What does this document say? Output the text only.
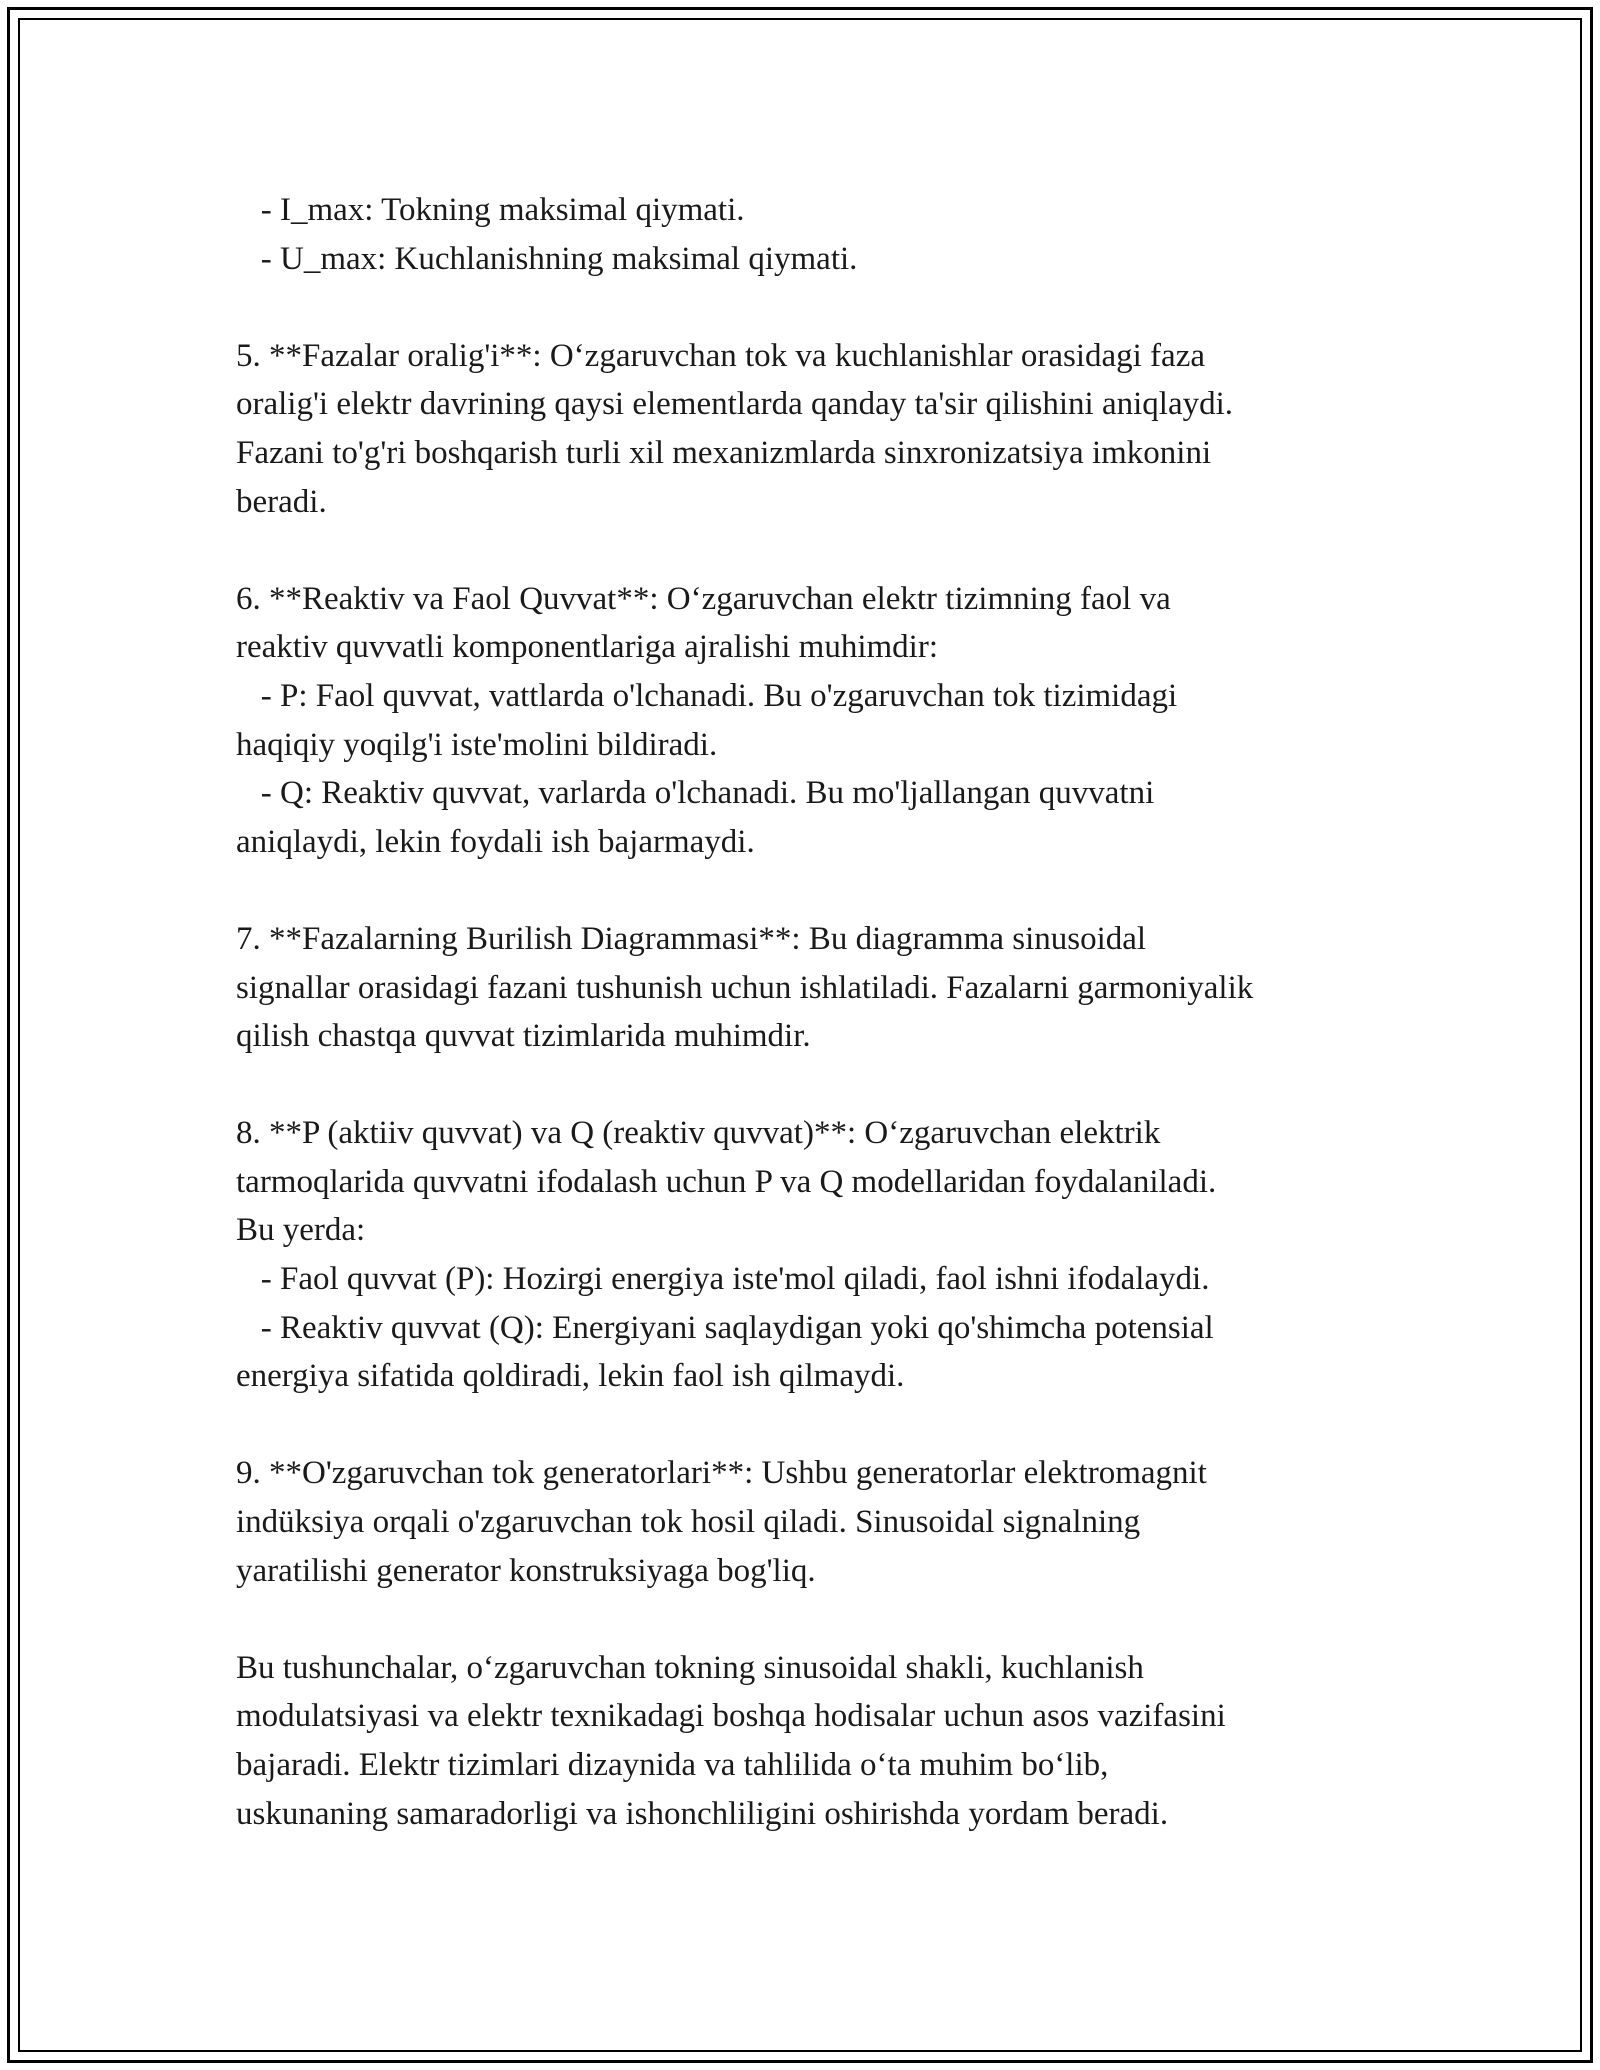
- I_max: Tokning maksimal qiymati.
- U_max: Kuchlanishning maksimal qiymati.
5. **Fazalar oralig'i**: O‘zgaruvchan tok va kuchlanishlar orasidagi faza
oralig'i elektr davrining qaysi elementlarda qanday ta'sir qilishini aniqlaydi.
Fazani to'g'ri boshqarish turli xil mexanizmlarda sinxronizatsiya imkonini
beradi.
6. **Reaktiv va Faol Quvvat**: O‘zgaruvchan elektr tizimning faol va
reaktiv quvvatli komponentlariga ajralishi muhimdir:
- P: Faol quvvat, vattlarda o'lchanadi. Bu o'zgaruvchan tok tizimidagi
haqiqiy yoqilg'i iste'molini bildiradi.
- Q: Reaktiv quvvat, varlarda o'lchanadi. Bu mo'ljallangan quvvatni
aniqlaydi, lekin foydali ish bajarmaydi.
7. **Fazalarning Burilish Diagrammasi**: Bu diagramma sinusoidal
signallar orasidagi fazani tushunish uchun ishlatiladi. Fazalarni garmoniyalik
qilish chastqa quvvat tizimlarida muhimdir.
8. **P (aktiiv quvvat) va Q (reaktiv quvvat)**: O‘zgaruvchan elektrik
tarmoqlarida quvvatni ifodalash uchun P va Q modellaridan foydalaniladi.
Bu yerda:
- Faol quvvat (P): Hozirgi energiya iste'mol qiladi, faol ishni ifodalaydi.
- Reaktiv quvvat (Q): Energiyani saqlaydigan yoki qo'shimcha potensial
energiya sifatida qoldiradi, lekin faol ish qilmaydi.
9. **O'zgaruvchan tok generatorlari**: Ushbu generatorlar elektromagnit
indüksiya orqali o'zgaruvchan tok hosil qiladi. Sinusoidal signalning
yaratilishi generator konstruksiyaga bog'liq.
Bu tushunchalar, o‘zgaruvchan tokning sinusoidal shakli, kuchlanish
modulatsiyasi va elektr texnikadagi boshqa hodisalar uchun asos vazifasini
bajaradi. Elektr tizimlari dizaynida va tahlilida o‘ta muhim bo‘lib,
uskunaning samaradorligi va ishonchliligini oshirishda yordam beradi.
